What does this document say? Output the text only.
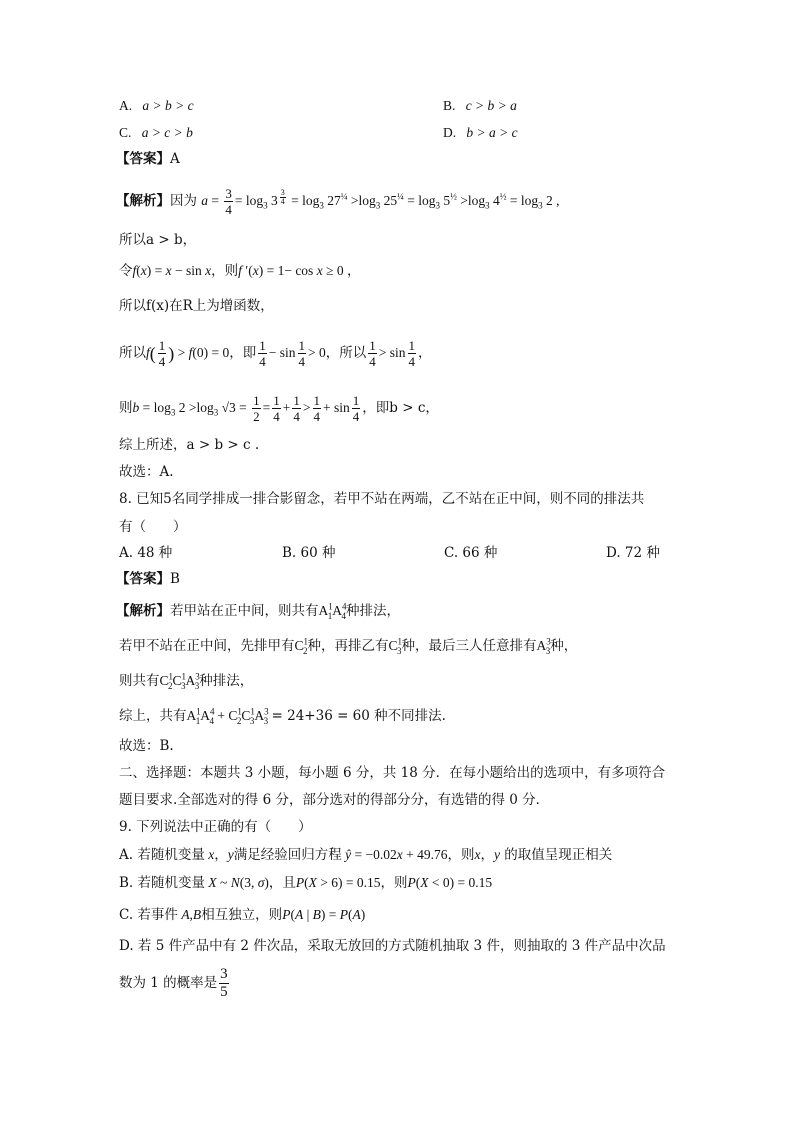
A. a > b > c	B. c > b > a
C. a > c > b	D. b > a > c
【答案】A
【解析】因为 $a = \frac{3}{4} = \log_3 3$ $^{\frac{3}{4}} = \log_3 27^{\frac{1}{4}} >\log_3$ $25^{\frac{1}{4}} = \log_3 5^{\frac{1}{2}} >\log_3$ $4^{\frac{1}{2}} = \log_3 2$ ,
所以a > b，
令f(x) = x − sin x，则f ′(x) = 1− cos x ≥ 0 ，
所以f(x)在R上为增函数，
所以$f( \frac{1}{4}$ ) > f(0) = 0，即 $\frac{1}{4} - \sin \frac{1}{4} > 0$，所以 $\frac{1}{4} > \sin \frac{1}{4}$ ，
则$b = \log_3 2 >\log_3$ $√3 = \frac{1}{2} = \frac{1}{4} + \frac{1}{4} > \frac{1}{4} + \sin \frac{1}{4}$ ，即b > c，
综上所述，a > b > c .
故选：A.
8. 已知5名同学排成一排合影留念，若甲不站在两端，乙不站在正中间，则不同的排法共
有（　　）
A. 48 种	B. 60 种	C. 66 种	D. 72 种
【答案】B
【解析】若甲站在正中间，则共有$A^1_1A^4_4$种排法，
若甲不站在正中间，先排甲有$C^1_2$种，再排乙有$C^1_3$种，最后三人任意排有$A^3_3$种，
则共有$C^1_2C^1_3A^3_3$种排法，
综上，共有$A^1_1A^4_4 + C^1_2C^1_3A^3_3 = 24+36 = 60$ 种不同排法.
故选：B.
二、选择题：本题共 3 小题，每小题 6 分，共 18 分．在每小题给出的选项中，有多项符合
题目要求.全部选对的得 6 分，部分选对的得部分分，有选错的得 0 分．
9. 下列说法中正确的有（　　）
A. 若随机变量 x，y满足经验回归方程 ŷ = −0.02x + 49.76，则x，y 的取值呈现正相关
B. 若随机变量 X ~ N(3, σ)，且P(X > 6) = 0.15，则P(X < 0) = 0.15
C. 若事件 A,B相互独立，则P(A | B) = P(A)
D. 若 5 件产品中有 2 件次品，采取无放回的方式随机抽取 3 件，则抽取的 3 件产品中次品
数为 1 的概率是 $\frac{3}{5}$
